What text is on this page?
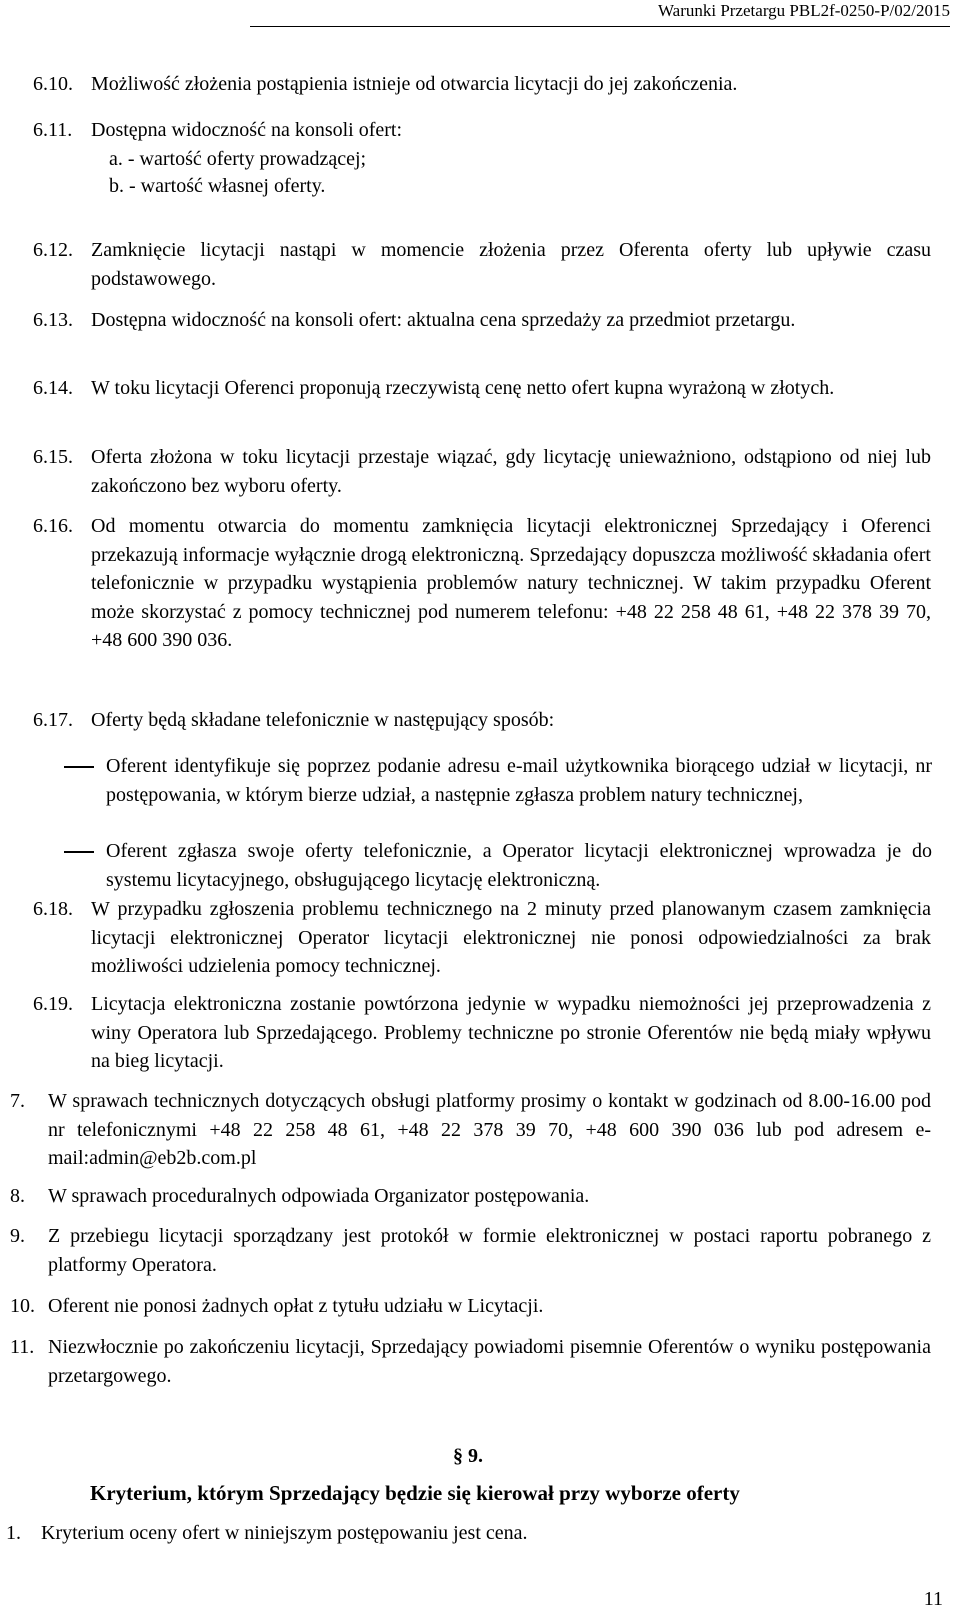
Warunki Przetargu PBL2f-0250-P/02/2015
6.10. Możliwość złożenia postąpienia istnieje od otwarcia licytacji do jej zakończenia.

6.11. Dostępna widoczność na konsoli ofert:

a. - wartość oferty prowadzącej;

b. - wartość własnej oferty.

6.12. Zamknięcie licytacji nastąpi w momencie złożenia przez Oferenta oferty lub upływie czasu podstawowego.

6.13. Dostępna widoczność na konsoli ofert: aktualna cena sprzedaży za przedmiot przetargu.

6.14. W toku licytacji Oferenci proponują rzeczywistą cenę netto ofert kupna wyrażoną w złotych.

6.15. Oferta złożona w toku licytacji przestaje wiązać, gdy licytację unieważniono, odstąpiono od niej lub zakończono bez wyboru oferty.

6.16. Od momentu otwarcia do momentu zamknięcia licytacji elektronicznej Sprzedający i Oferenci przekazują informacje wyłącznie drogą elektroniczną. Sprzedający dopuszcza możliwość składania ofert telefonicznie w przypadku wystąpienia problemów natury technicznej. W takim przypadku Oferent może skorzystać z pomocy technicznej pod numerem telefonu: +48 22 258 48 61, +48 22 378 39 70, +48 600 390 036.

6.17. Oferty będą składane telefonicznie w następujący sposób:

Oferent identyfikuje się poprzez podanie adresu e-mail użytkownika biorącego udział w licytacji, nr postępowania, w którym bierze udział, a następnie zgłasza problem natury technicznej,

Oferent zgłasza swoje oferty telefonicznie, a Operator licytacji elektronicznej wprowadza je do systemu licytacyjnego, obsługującego licytację elektroniczną.

6.18. W przypadku zgłoszenia problemu technicznego na 2 minuty przed planowanym czasem zamknięcia licytacji elektronicznej Operator licytacji elektronicznej nie ponosi odpowiedzialności za brak możliwości udzielenia pomocy technicznej.

6.19. Licytacja elektroniczna zostanie powtórzona jedynie w wypadku niemożności jej przeprowadzenia z winy Operatora lub Sprzedającego. Problemy techniczne po stronie Oferentów nie będą miały wpływu na bieg licytacji.

7. W sprawach technicznych dotyczących obsługi platformy prosimy o kontakt w godzinach od 8.00-16.00 pod nr telefonicznymi +48 22 258 48 61, +48 22 378 39 70, +48 600 390 036 lub pod adresem e-mail:admin@eb2b.com.pl

8. W sprawach proceduralnych odpowiada Organizator postępowania.

9. Z przebiegu licytacji sporządzany jest protokół w formie elektronicznej w postaci raportu pobranego z platformy Operatora.

10. Oferent nie ponosi żadnych opłat z tytułu udziału w Licytacji.

11. Niezwłocznie po zakończeniu licytacji, Sprzedający powiadomi pisemnie Oferentów o wyniku postępowania przetargowego.

§ 9.
Kryterium, którym Sprzedający będzie się kierował przy wyborze oferty
1. Kryterium oceny ofert w niniejszym postępowaniu jest cena.

11
